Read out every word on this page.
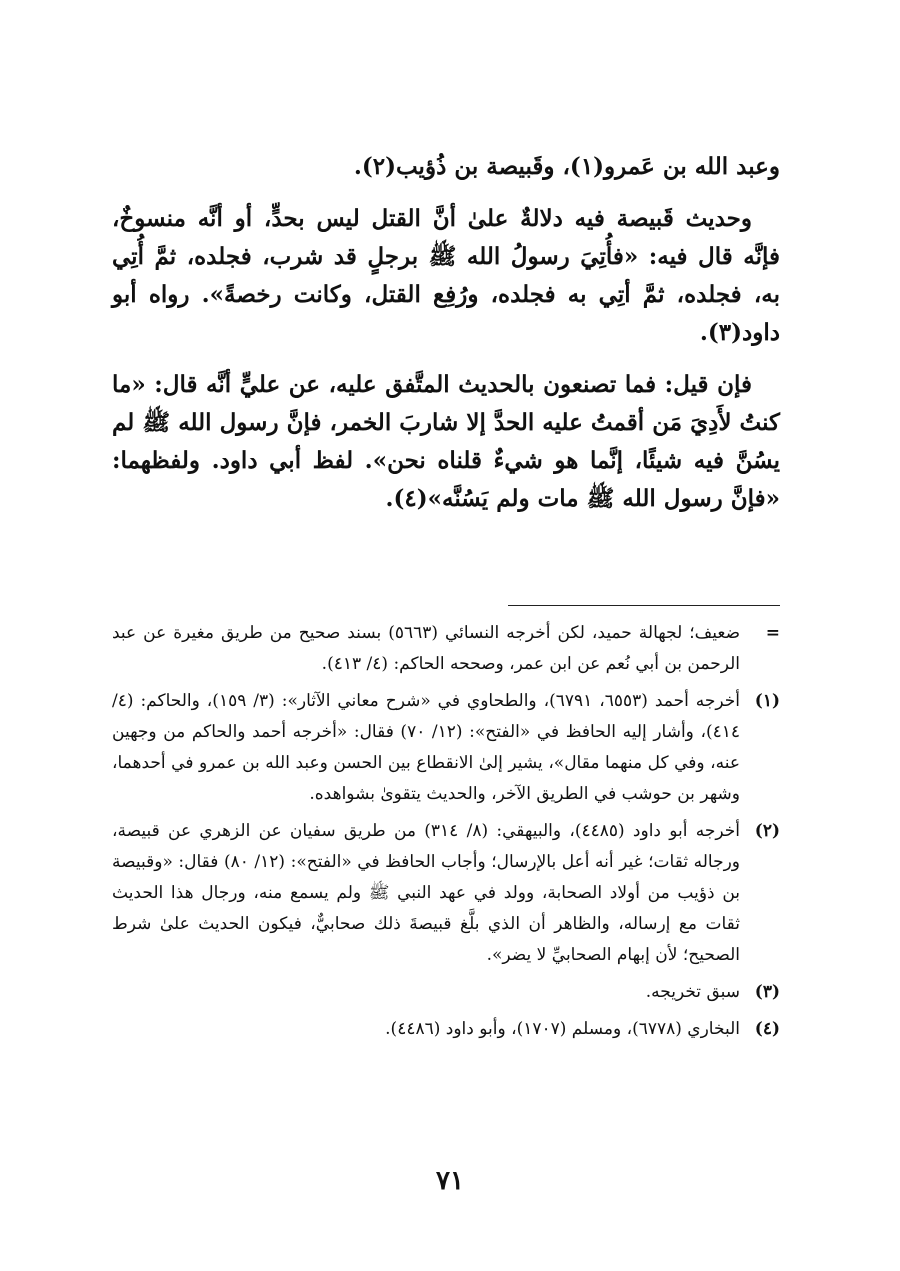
وعبد الله بن عَمرو(١)، وقَبيصة بن ذُؤيب(٢).

وحديث قَبيصة فيه دلالةٌ علىٰ أنَّ القتل ليس بحدٍّ، أو أنَّه منسوخٌ، فإنَّه قال فيه: «فأُتِيَ رسولُ الله ﷺ برجلٍ قد شرب، فجلده، ثمَّ أُتِي به، فجلده، ثمَّ أتِي به فجلده، ورُفِع القتل، وكانت رخصةً». رواه أبو داود(٣).

فإن قيل: فما تصنعون بالحديث المتَّفق عليه، عن عليٍّ أنَّه قال: «ما كنتُ لأَدِيَ مَن أقمتُ عليه الحدَّ إلا شاربَ الخمر، فإنَّ رسول الله ﷺ لم يسُنَّ فيه شيئًا، إنَّما هو شيءٌ قلناه نحن». لفظ أبي داود. ولفظهما: «فإنَّ رسول الله ﷺ مات ولم يَسُنَّه»(٤).

=
ضعيف؛ لجهالة حميد، لكن أخرجه النسائي (٥٦٦٣) بسند صحيح من طريق مغيرة عن عبد الرحمن بن أبي نُعم عن ابن عمر، وصححه الحاكم: (٤/ ٤١٣).
(١)
أخرجه أحمد (٦٥٥٣، ٦٧٩١)، والطحاوي في «شرح معاني الآثار»: (٣/ ١٥٩)، والحاكم: (٤/ ٤١٤)، وأشار إليه الحافظ في «الفتح»: (١٢/ ٧٠) فقال: «أخرجه أحمد والحاكم من وجهين عنه، وفي كل منهما مقال»، يشير إلىٰ الانقطاع بين الحسن وعبد الله بن عمرو في أحدهما، وشهر بن حوشب في الطريق الآخر، والحديث يتقوىٰ بشواهده.
(٢)
أخرجه أبو داود (٤٤٨٥)، والبيهقي: (٨/ ٣١٤) من طريق سفيان عن الزهري عن قبيصة، ورجاله ثقات؛ غير أنه أعل بالإرسال؛ وأجاب الحافظ في «الفتح»: (١٢/ ٨٠) فقال: «وقبيصة بن ذؤيب من أولاد الصحابة، وولد في عهد النبي ﷺ ولم يسمع منه، ورجال هذا الحديث ثقات مع إرساله، والظاهر أن الذي بلَّغ قبيصةَ ذلك صحابيٌّ، فيكون الحديث علىٰ شرط الصحيح؛ لأن إبهام الصحابيِّ لا يضر».
(٣)
سبق تخريجه.
(٤)
البخاري (٦٧٧٨)، ومسلم (١٧٠٧)، وأبو داود (٤٤٨٦).
٧١
